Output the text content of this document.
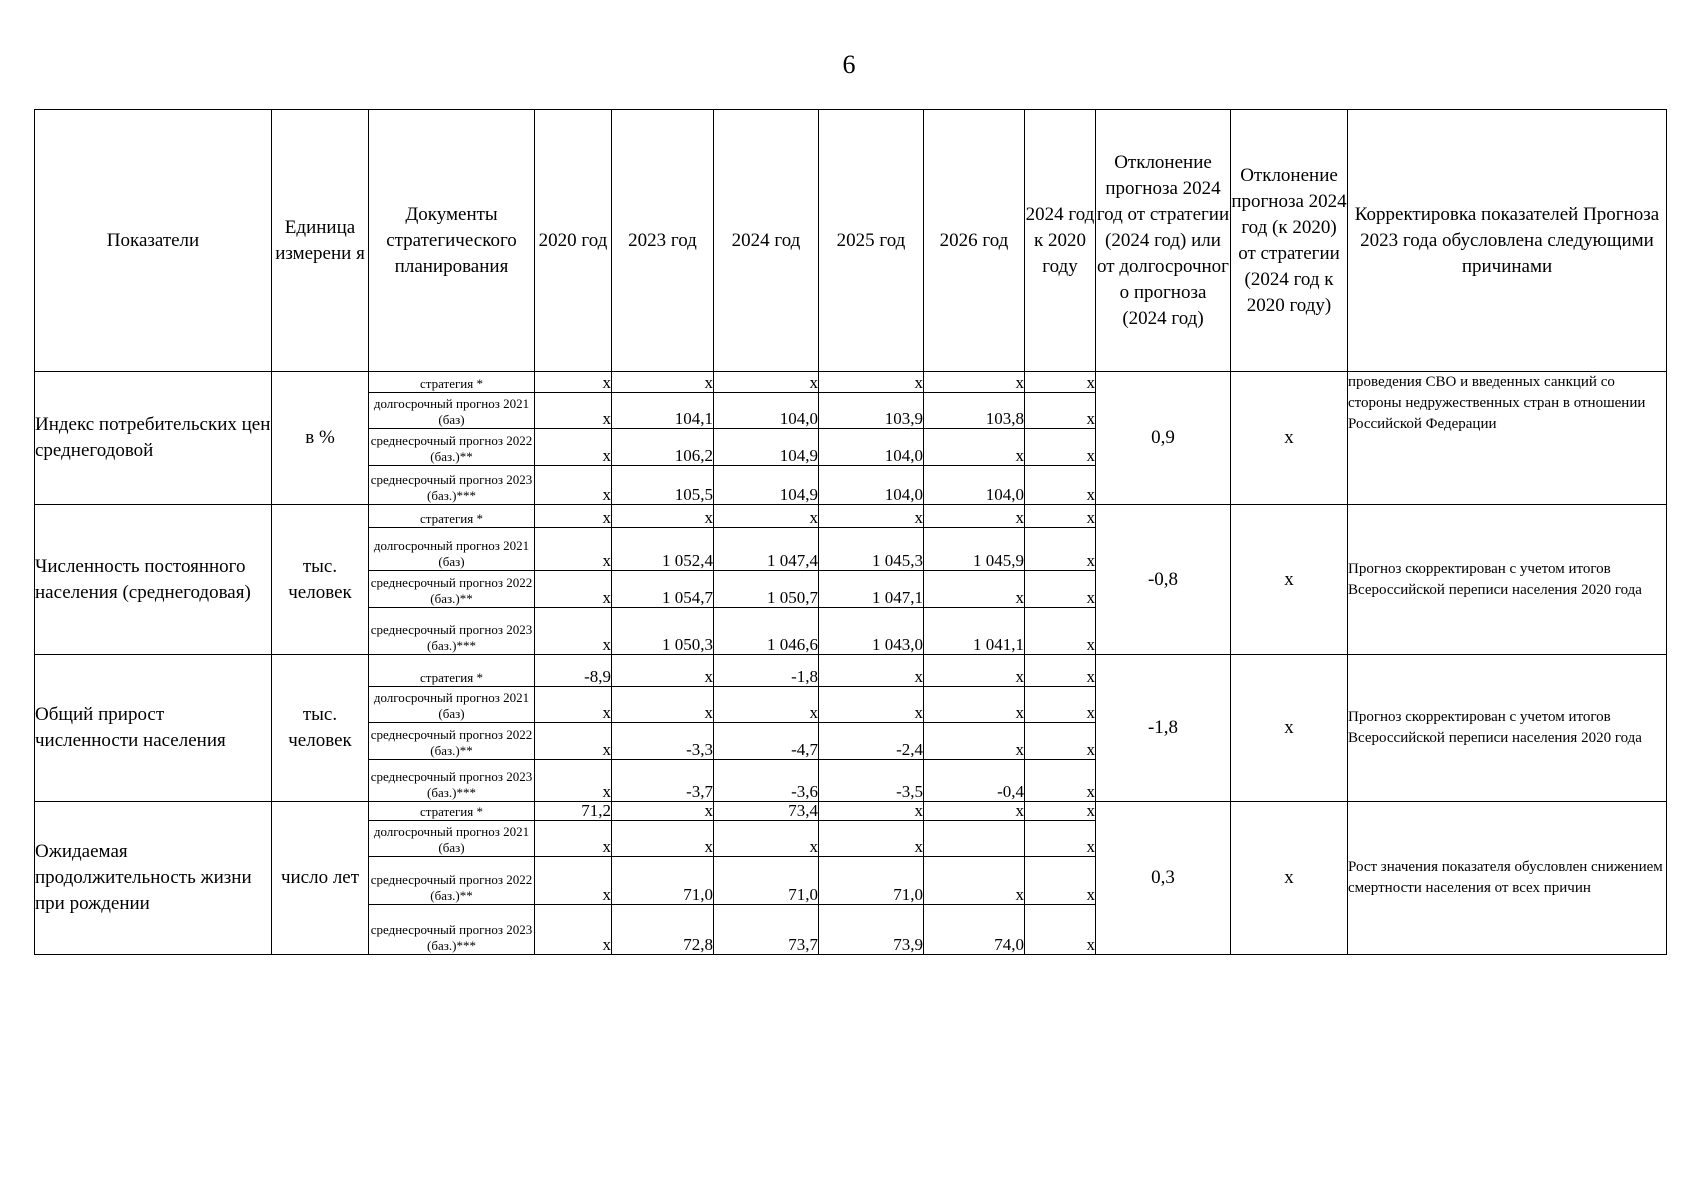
6
Показатели	Единица измерени я	Документы стратегического планирования	2020 год	2023 год	2024 год	2025 год	2026 год	2024 год к 2020 году	Отклонение прогноза 2024 год от стратегии (2024 год) или от долгосрочног о прогноза (2024 год)	Отклонение прогноза 2024 год (к 2020) от стратегии (2024 год к 2020 году)	Корректировка показателей Прогноза 2023 года обусловлена следующими причинами
Индекс потребительских цен среднегодовой	в %	стратегия *	х	х	х	х	х	х	0,9	х	проведения СВО и введенных санкций со стороны недружественных стран в отношении Российской Федерации
		долгосрочный прогноз 2021 (баз)	х	104,1	104,0	103,9	103,8	х			
		среднесрочный прогноз 2022 (баз.)**	х	106,2	104,9	104,0	х	х			
		среднесрочный прогноз 2023 (баз.)***	х	105,5	104,9	104,0	104,0	х			
Численность постоянного населения (среднегодовая)	тыс. человек	стратегия *	х	х	х	х	х	х	-0,8	х	Прогноз скорректирован с учетом итогов Всероссийской переписи населения 2020 года
		долгосрочный прогноз 2021 (баз)	х	1 052,4	1 047,4	1 045,3	1 045,9	х			
		среднесрочный прогноз 2022 (баз.)**	х	1 054,7	1 050,7	1 047,1	х	х			
		среднесрочный прогноз 2023 (баз.)***	х	1 050,3	1 046,6	1 043,0	1 041,1	х			
Общий прирост численности населения	тыс. человек	стратегия *	-8,9	х	-1,8	х	х	х	-1,8	х	Прогноз скорректирован с учетом итогов Всероссийской переписи населения 2020 года
		долгосрочный прогноз 2021 (баз)	х	х	х	х	х	х			
		среднесрочный прогноз 2022 (баз.)**	х	-3,3	-4,7	-2,4	х	х			
		среднесрочный прогноз 2023 (баз.)***	х	-3,7	-3,6	-3,5	-0,4	х			
Ожидаемая продолжительность жизни при рождении	число лет	стратегия *	71,2	х	73,4	х	х	х	0,3	х	Рост значения показателя обусловлен снижением смертности населения от всех причин
		долгосрочный прогноз 2021 (баз)	х	х	х	х		х			
		среднесрочный прогноз 2022 (баз.)**	х	71,0	71,0	71,0	х	х			
		среднесрочный прогноз 2023 (баз.)***	х	72,8	73,7	73,9	74,0	х			
